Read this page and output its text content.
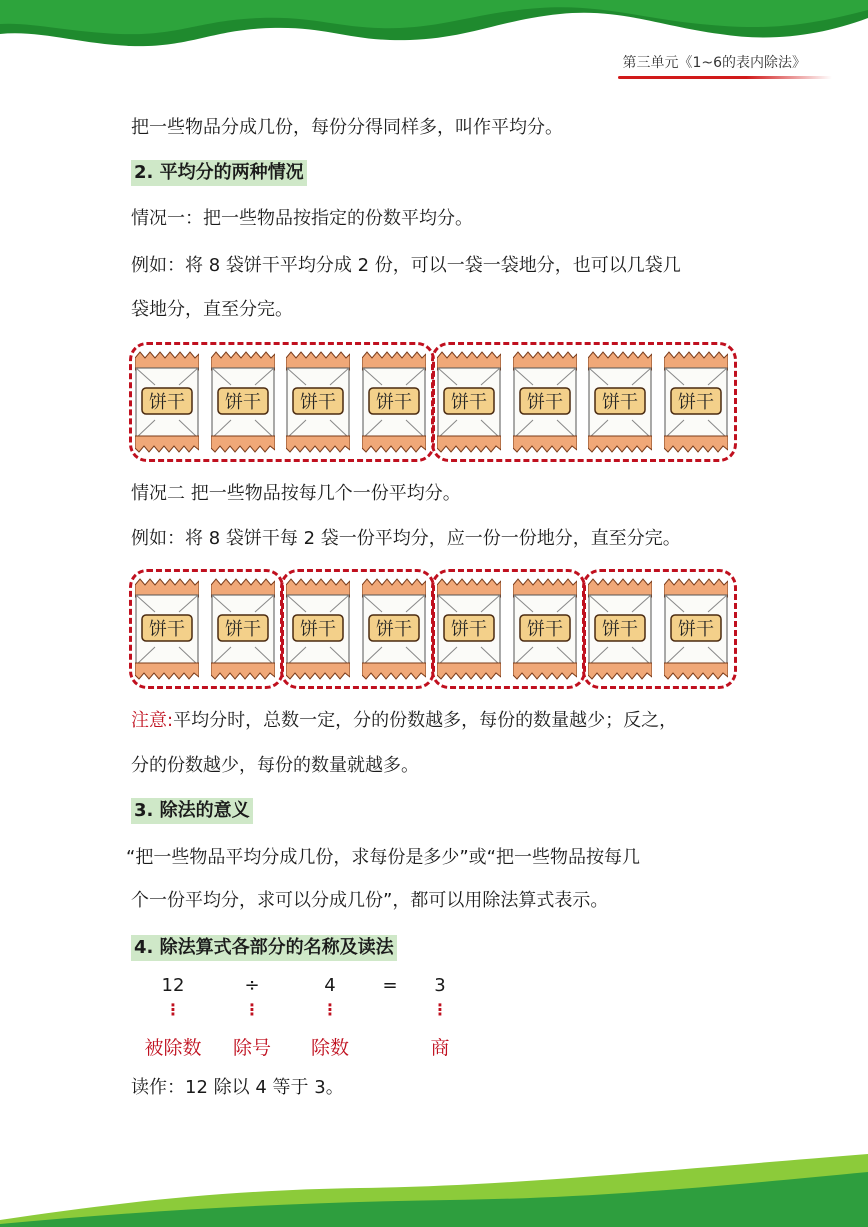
第三单元《1~6的表内除法》
把一些物品分成几份，每份分得同样多，叫作平均分。
2. 平均分的两种情况
情况一：把一些物品按指定的份数平均分。
例如：将 8 袋饼干平均分成 2 份，可以一袋一袋地分，也可以几袋几
袋地分，直至分完。
饼干 饼干 饼干 饼干 饼干 饼干 饼干 饼干
情况二 把一些物品按每几个一份平均分。
例如：将 8 袋饼干每 2 袋一份平均分，应一份一份地分，直至分完。
饼干 饼干 饼干 饼干 饼干 饼干 饼干 饼干
注意:平均分时，总数一定，分的份数越多，每份的数量越少；反之，
分的份数越少，每份的数量就越多。
3. 除法的意义
“把一些物品平均分成几份，求每份是多少”或“把一些物品按每几
个一份平均分，求可以分成几份”，都可以用除法算式表示。
4. 除法算式各部分的名称及读法
12	÷	4	=	3
⋮	⋮	⋮	⋮
被除数	除号	除数	商
读作：12 除以 4 等于 3。
